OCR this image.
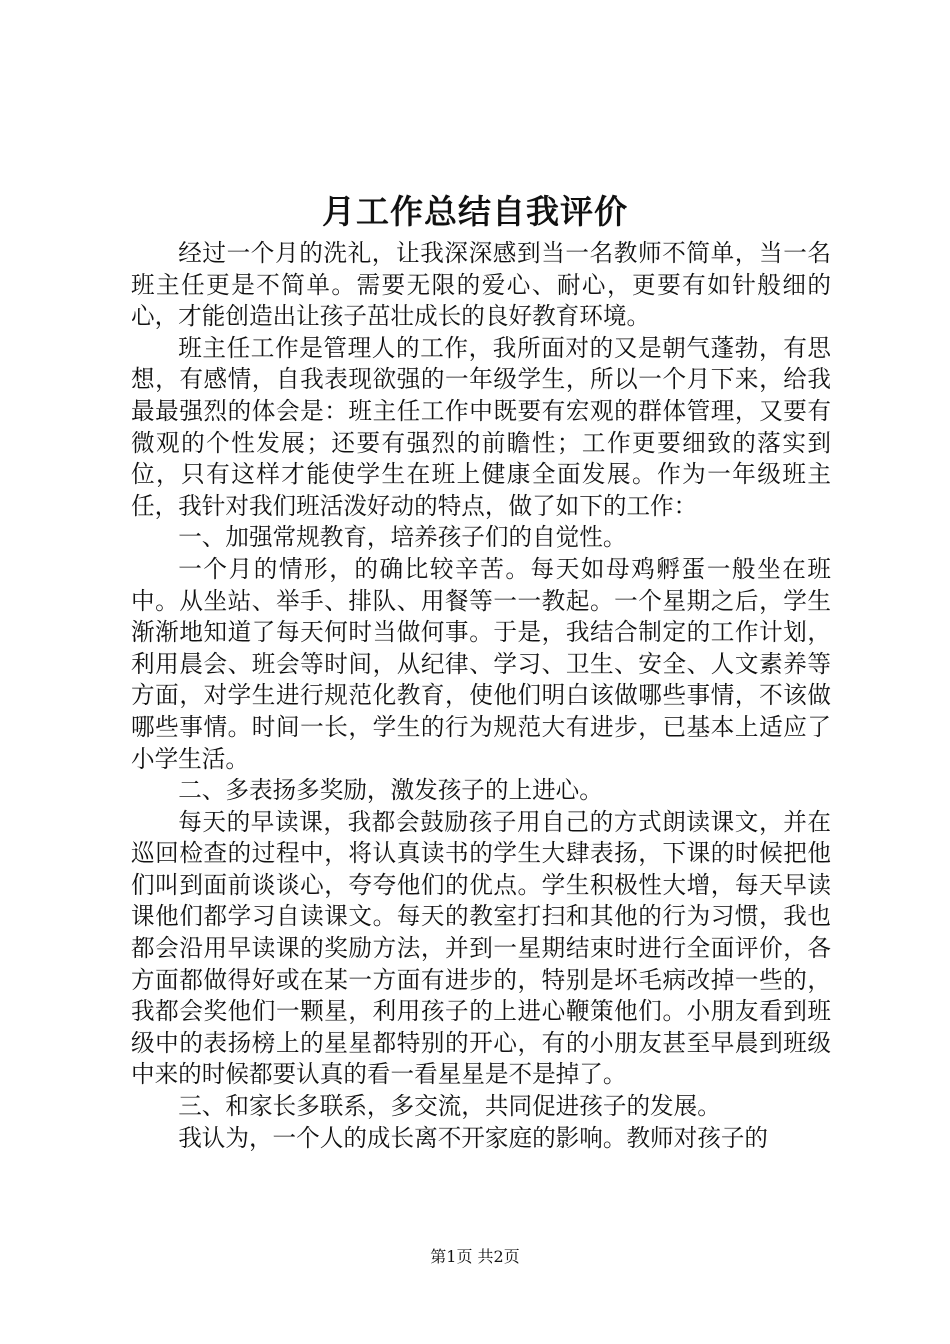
月工作总结自我评价

经过一个月的洗礼，让我深深感到当一名教师不简单，当一名班主任更是不简单。需要无限的爱心、耐心，更要有如针般细的心，才能创造出让孩子茁壮成长的良好教育环境。

班主任工作是管理人的工作，我所面对的又是朝气蓬勃，有思想，有感情，自我表现欲强的一年级学生，所以一个月下来，给我最最强烈的体会是：班主任工作中既要有宏观的群体管理，又要有微观的个性发展；还要有强烈的前瞻性；工作更要细致的落实到位，只有这样才能使学生在班上健康全面发展。作为一年级班主任，我针对我们班活泼好动的特点，做了如下的工作：

一、加强常规教育，培养孩子们的自觉性。

一个月的情形，的确比较辛苦。每天如母鸡孵蛋一般坐在班中。从坐站、举手、排队、用餐等一一教起。一个星期之后，学生渐渐地知道了每天何时当做何事。于是，我结合制定的工作计划，利用晨会、班会等时间，从纪律、学习、卫生、安全、人文素养等方面，对学生进行规范化教育，使他们明白该做哪些事情，不该做哪些事情。时间一长，学生的行为规范大有进步，已基本上适应了小学生活。

二、多表扬多奖励，激发孩子的上进心。

每天的早读课，我都会鼓励孩子用自己的方式朗读课文，并在巡回检查的过程中，将认真读书的学生大肆表扬，下课的时候把他们叫到面前谈谈心，夸夸他们的优点。学生积极性大增，每天早读课他们都学习自读课文。每天的教室打扫和其他的行为习惯，我也都会沿用早读课的奖励方法，并到一星期结束时进行全面评价，各方面都做得好或在某一方面有进步的，特别是坏毛病改掉一些的，我都会奖他们一颗星，利用孩子的上进心鞭策他们。小朋友看到班级中的表扬榜上的星星都特别的开心，有的小朋友甚至早晨到班级中来的时候都要认真的看一看星星是不是掉了。

三、和家长多联系，多交流，共同促进孩子的发展。

我认为，一个人的成长离不开家庭的影响。教师对孩子的

第1页 共2页
